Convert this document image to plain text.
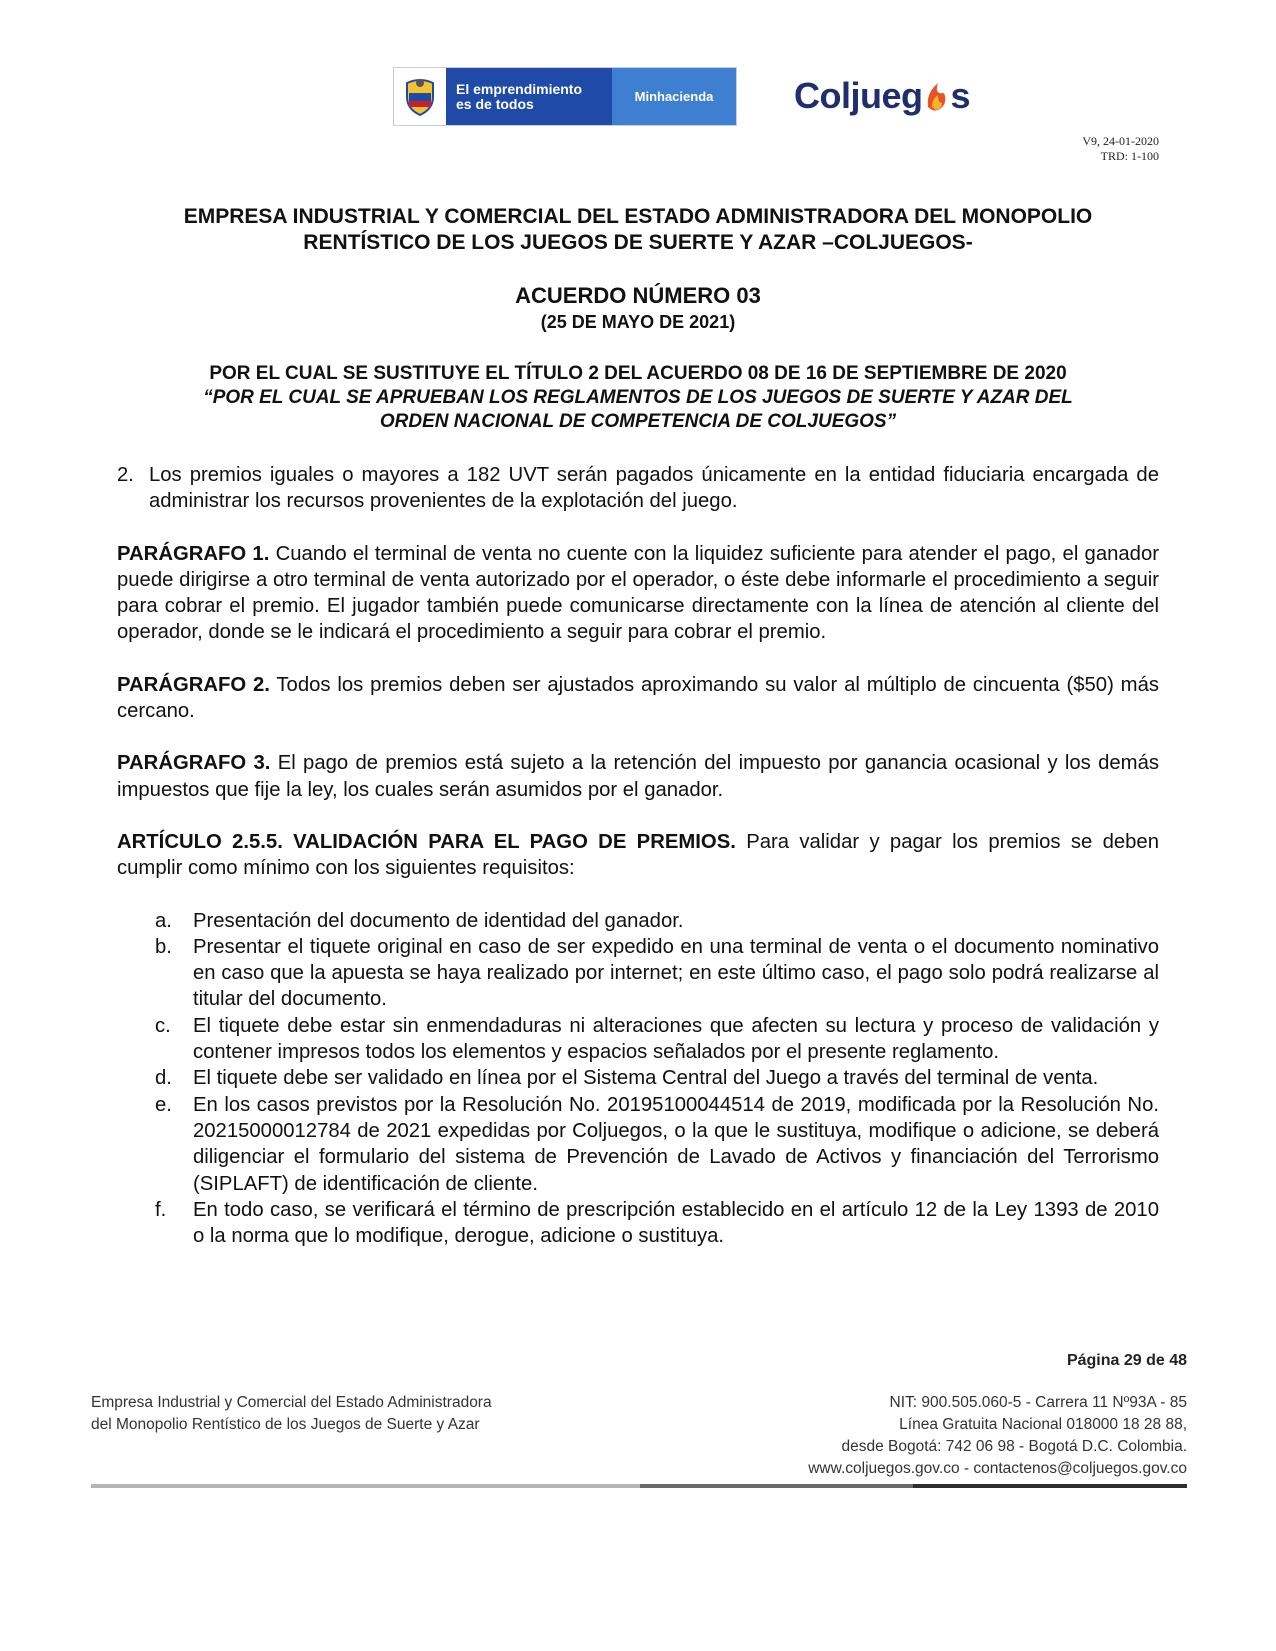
El emprendimiento
es de todos	Minhacienda	Coljueg s
V9, 24-01-2020
TRD: 1-100
EMPRESA INDUSTRIAL Y COMERCIAL DEL ESTADO ADMINISTRADORA DEL MONOPOLIO
RENTÍSTICO DE LOS JUEGOS DE SUERTE Y AZAR –COLJUEGOS-
ACUERDO NÚMERO 03
(25 DE MAYO DE 2021)
POR EL CUAL SE SUSTITUYE EL TÍTULO 2 DEL ACUERDO 08 DE 16 DE SEPTIEMBRE DE 2020
“POR EL CUAL SE APRUEBAN LOS REGLAMENTOS DE LOS JUEGOS DE SUERTE Y AZAR DEL
ORDEN NACIONAL DE COMPETENCIA DE COLJUEGOS”

2. Los premios iguales o mayores a 182 UVT serán pagados únicamente en la entidad fiduciaria encargada de administrar los recursos provenientes de la explotación del juego.

PARÁGRAFO 1. Cuando el terminal de venta no cuente con la liquidez suficiente para atender el pago, el ganador puede dirigirse a otro terminal de venta autorizado por el operador, o éste debe informarle el procedimiento a seguir para cobrar el premio. El jugador también puede comunicarse directamente con la línea de atención al cliente del operador, donde se le indicará el procedimiento a seguir para cobrar el premio.

PARÁGRAFO 2. Todos los premios deben ser ajustados aproximando su valor al múltiplo de cincuenta ($50) más cercano.

PARÁGRAFO 3. El pago de premios está sujeto a la retención del impuesto por ganancia ocasional y los demás impuestos que fije la ley, los cuales serán asumidos por el ganador.

ARTÍCULO 2.5.5. VALIDACIÓN PARA EL PAGO DE PREMIOS. Para validar y pagar los premios se deben cumplir como mínimo con los siguientes requisitos:

a.	Presentación del documento de identidad del ganador.

b.	Presentar el tiquete original en caso de ser expedido en una terminal de venta o el documento nominativo en caso que la apuesta se haya realizado por internet; en este último caso, el pago solo podrá realizarse al titular del documento.

c.	El tiquete debe estar sin enmendaduras ni alteraciones que afecten su lectura y proceso de validación y contener impresos todos los elementos y espacios señalados por el presente reglamento.

d.	El tiquete debe ser validado en línea por el Sistema Central del Juego a través del terminal de venta.

e.	En los casos previstos por la Resolución No. 20195100044514 de 2019, modificada por la Resolución No. 20215000012784 de 2021 expedidas por Coljuegos, o la que le sustituya, modifique o adicione, se deberá diligenciar el formulario del sistema de Prevención de Lavado de Activos y financiación del Terrorismo (SIPLAFT) de identificación de cliente.

f.	En todo caso, se verificará el término de prescripción establecido en el artículo 12 de la Ley 1393 de 2010 o la norma que lo modifique, derogue, adicione o sustituya.

Página 29 de 48
Empresa Industrial y Comercial del Estado Administradora
del Monopolio Rentístico de los Juegos de Suerte y Azar
NIT: 900.505.060-5 - Carrera 11 Nº93A - 85
Línea Gratuita Nacional 018000 18 28 88,
desde Bogotá: 742 06 98 - Bogotá D.C. Colombia.
www.coljuegos.gov.co - contactenos@coljuegos.gov.co
